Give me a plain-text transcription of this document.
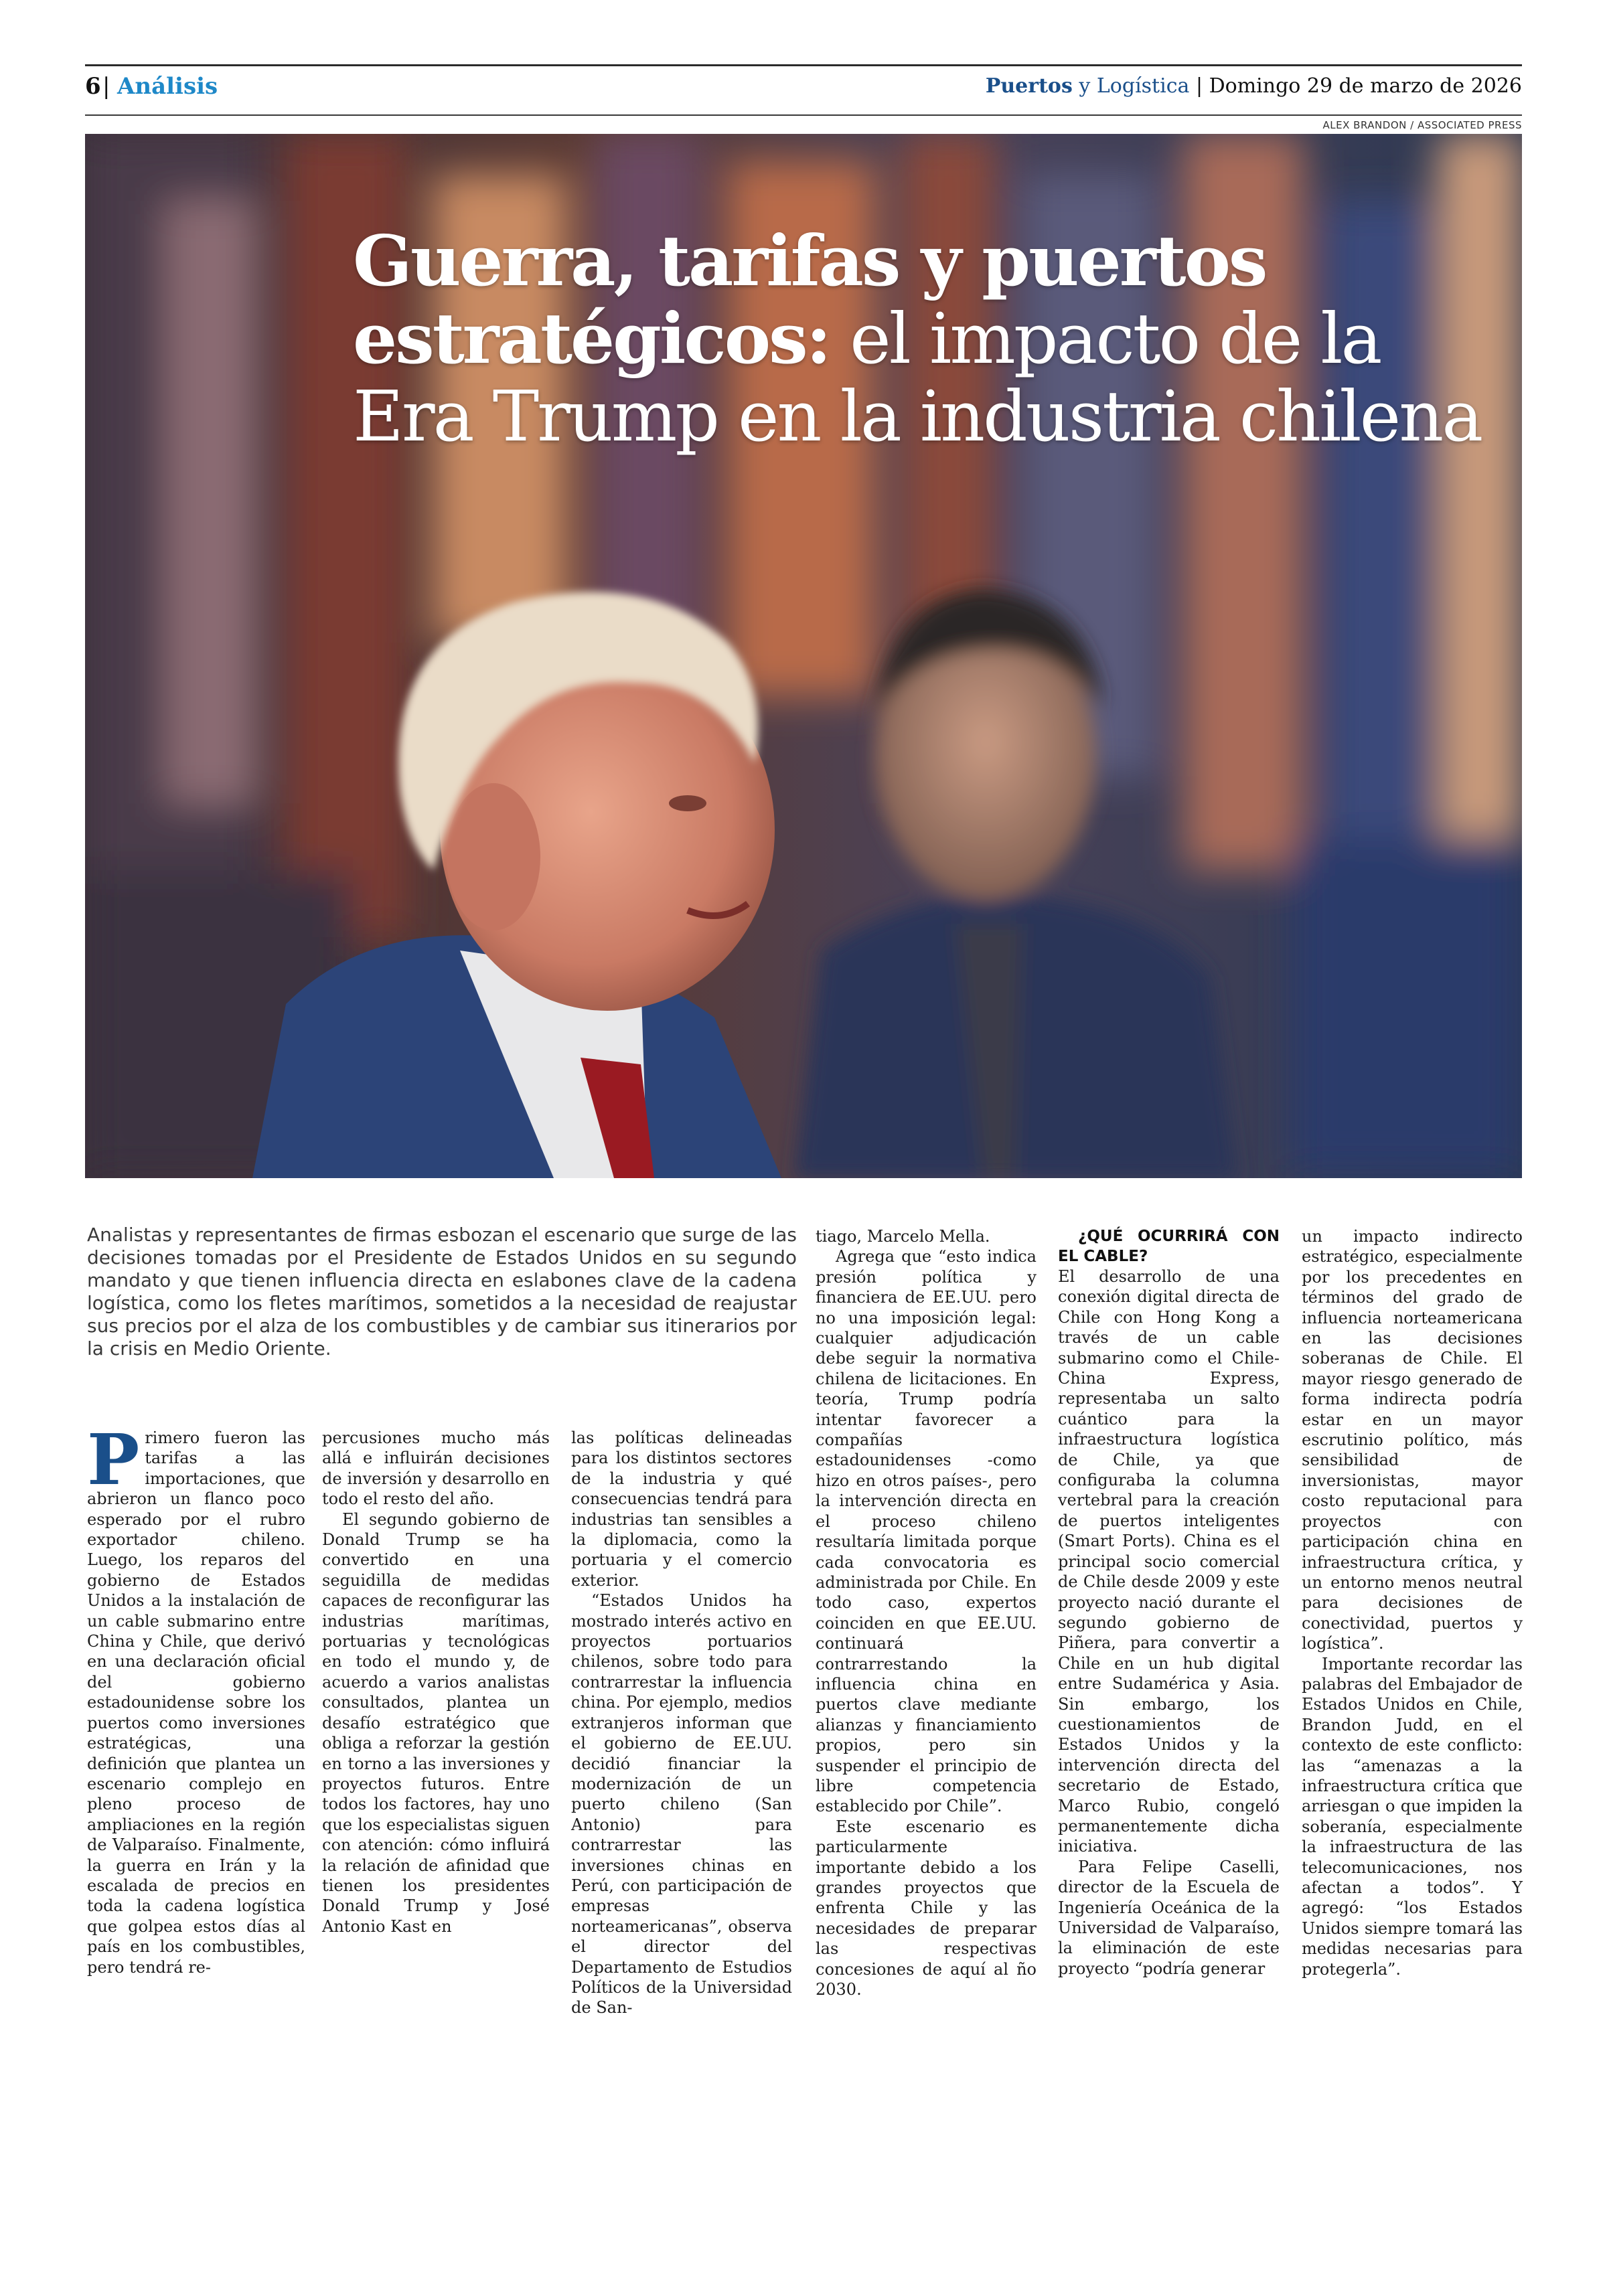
6 | Análisis	Puertos y Logística | Domingo 29 de marzo de 2026
ALEX BRANDON / ASSOCIATED PRESS
Guerra, tarifas y puertos estratégicos: el impacto de la Era Trump en la industria chilena
Analistas y representantes de firmas esbozan el escenario que surge de las decisiones tomadas por el Presidente de Estados Unidos en su segundo mandato y que tienen influencia directa en eslabones clave de la cadena logística, como los fletes marítimos, sometidos a la necesidad de reajustar sus precios por el alza de los combustibles y de cambiar sus itinerarios por la crisis en Medio Oriente.

Primero fueron las tarifas a las importaciones, que abrieron un flanco poco esperado por el rubro exportador chileno. Luego, los reparos del gobierno de Estados Unidos a la instalación de un cable submarino entre China y Chile, que derivó en una declaración oficial del gobierno estadounidense sobre los puertos como inversiones estratégicas, una definición que plantea un escenario complejo en pleno proceso de ampliaciones en la región de Valparaíso. Finalmente, la guerra en Irán y la escalada de precios en toda la cadena logística que golpea estos días al país en los combustibles, pero tendrá re-

percusiones mucho más allá e influirán decisiones de inversión y desarrollo en todo el resto del año.

El segundo gobierno de Donald Trump se ha convertido en una seguidilla de medidas capaces de reconfigurar las industrias marítimas, portuarias y tecnológicas en todo el mundo y, de acuerdo a varios analistas consultados, plantea un desafío estratégico que obliga a reforzar la gestión en torno a las inversiones y proyectos futuros. Entre todos los factores, hay uno que los especialistas siguen con atención: cómo influirá la relación de afinidad que tienen los presidentes Donald Trump y José Antonio Kast en

las políticas delineadas para los distintos sectores de la industria y qué consecuencias tendrá para industrias tan sensibles a la diplomacia, como la portuaria y el comercio exterior.

“Estados Unidos ha mostrado interés activo en proyectos portuarios chilenos, sobre todo para contrarrestar la influencia china. Por ejemplo, medios extranjeros informan que el gobierno de EE.UU. decidió financiar la modernización de un puerto chileno (San Antonio) para contrarrestar las inversiones chinas en Perú, con participación de empresas norteamericanas”, observa el director del Departamento de Estudios Políticos de la Universidad de San-

tiago, Marcelo Mella.

Agrega que “esto indica presión política y financiera de EE.UU. pero no una imposición legal: cualquier adjudicación debe seguir la normativa chilena de licitaciones. En teoría, Trump podría intentar favorecer a compañías estadounidenses -como hizo en otros países-, pero la intervención directa en el proceso chileno resultaría limitada porque cada convocatoria es administrada por Chile. En todo caso, expertos coinciden en que EE.UU. continuará contrarrestando la influencia china en puertos clave mediante alianzas y financiamiento propios, pero sin suspender el principio de libre competencia establecido por Chile”.

Este escenario es particularmente importante debido a los grandes proyectos que enfrenta Chile y las necesidades de preparar las respectivas concesiones de aquí al ño 2030.

¿QUÉ OCURRIRÁ CON EL CABLE?

El desarrollo de una conexión digital directa de Chile con Hong Kong a través de un cable submarino como el Chile-China Express, representaba un salto cuántico para la infraestructura logística de Chile, ya que configuraba la columna vertebral para la creación de puertos inteligentes (Smart Ports). China es el principal socio comercial de Chile desde 2009 y este proyecto nació durante el segundo gobierno de Piñera, para convertir a Chile en un hub digital entre Sudamérica y Asia. Sin embargo, los cuestionamientos de Estados Unidos y la intervención directa del secretario de Estado, Marco Rubio, congeló permanentemente dicha iniciativa.

Para Felipe Caselli, director de la Escuela de Ingeniería Oceánica de la Universidad de Valparaíso, la eliminación de este proyecto “podría generar

un impacto indirecto estratégico, especialmente por los precedentes en términos del grado de influencia norteamericana en las decisiones soberanas de Chile. El mayor riesgo generado de forma indirecta podría estar en un mayor escrutinio político, más sensibilidad de inversionistas, mayor costo reputacional para proyectos con participación china en infraestructura crítica, y un entorno menos neutral para decisiones de conectividad, puertos y logística”.

Importante recordar las palabras del Embajador de Estados Unidos en Chile, Brandon Judd, en el contexto de este conflicto: las “amenazas a la infraestructura crítica que arriesgan o que impiden la soberanía, especialmente la infraestructura de las telecomunicaciones, nos afectan a todos”. Y agregó: “los Estados Unidos siempre tomará las medidas necesarias para protegerla”.
